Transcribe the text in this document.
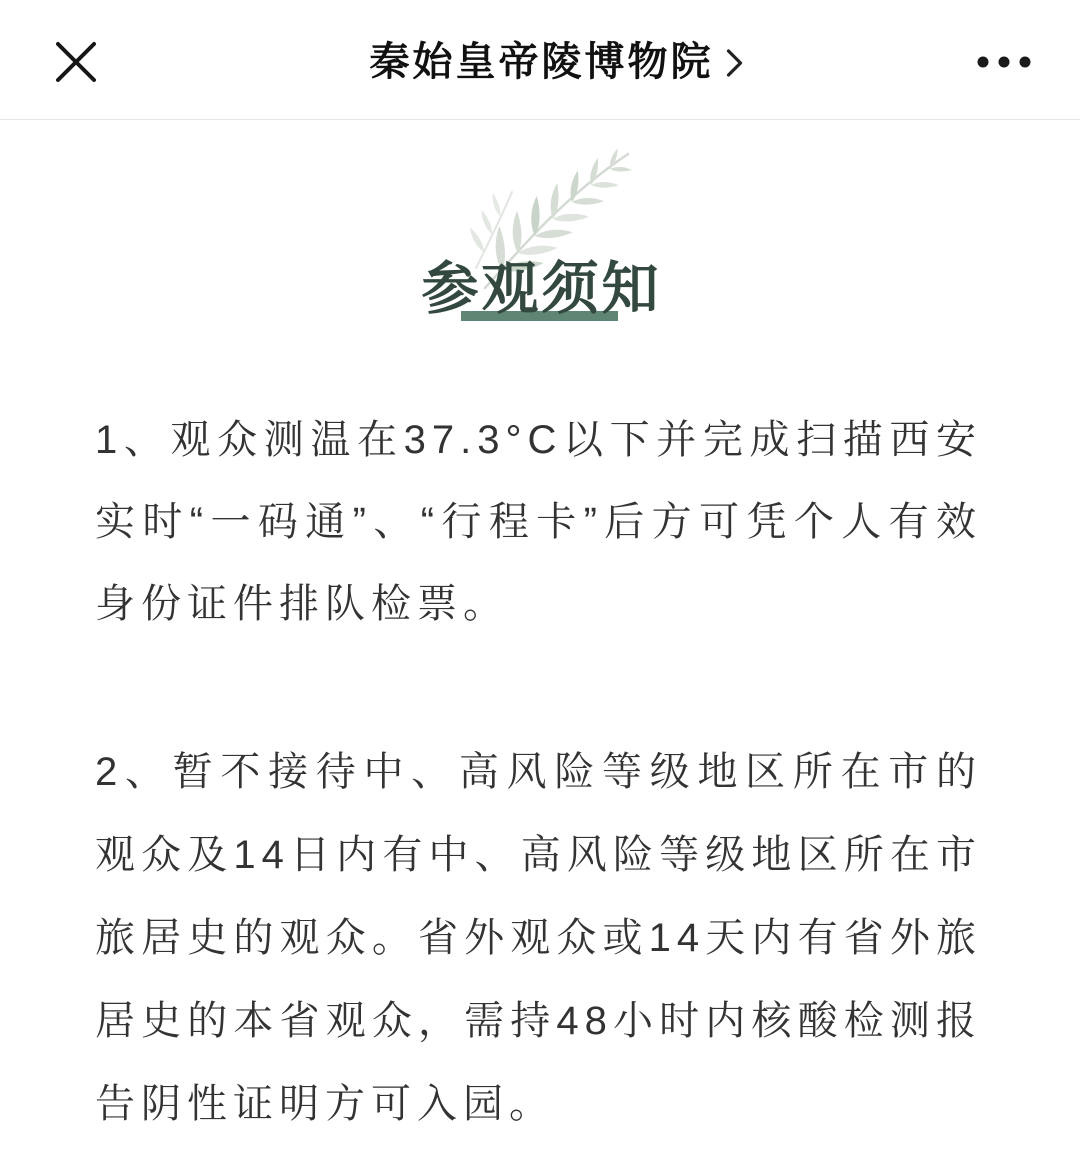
秦始皇帝陵博物院
参观须知
1、观众测温在37.3°C以下并完成扫描西安
实时“一码通”、“行程卡”后方可凭个人有效
身份证件排队检票。
2、暂不接待中、高风险等级地区所在市的
观众及14日内有中、高风险等级地区所在市
旅居史的观众。省外观众或14天内有省外旅
居史的本省观众，需持48小时内核酸检测报
告阴性证明方可入园。
